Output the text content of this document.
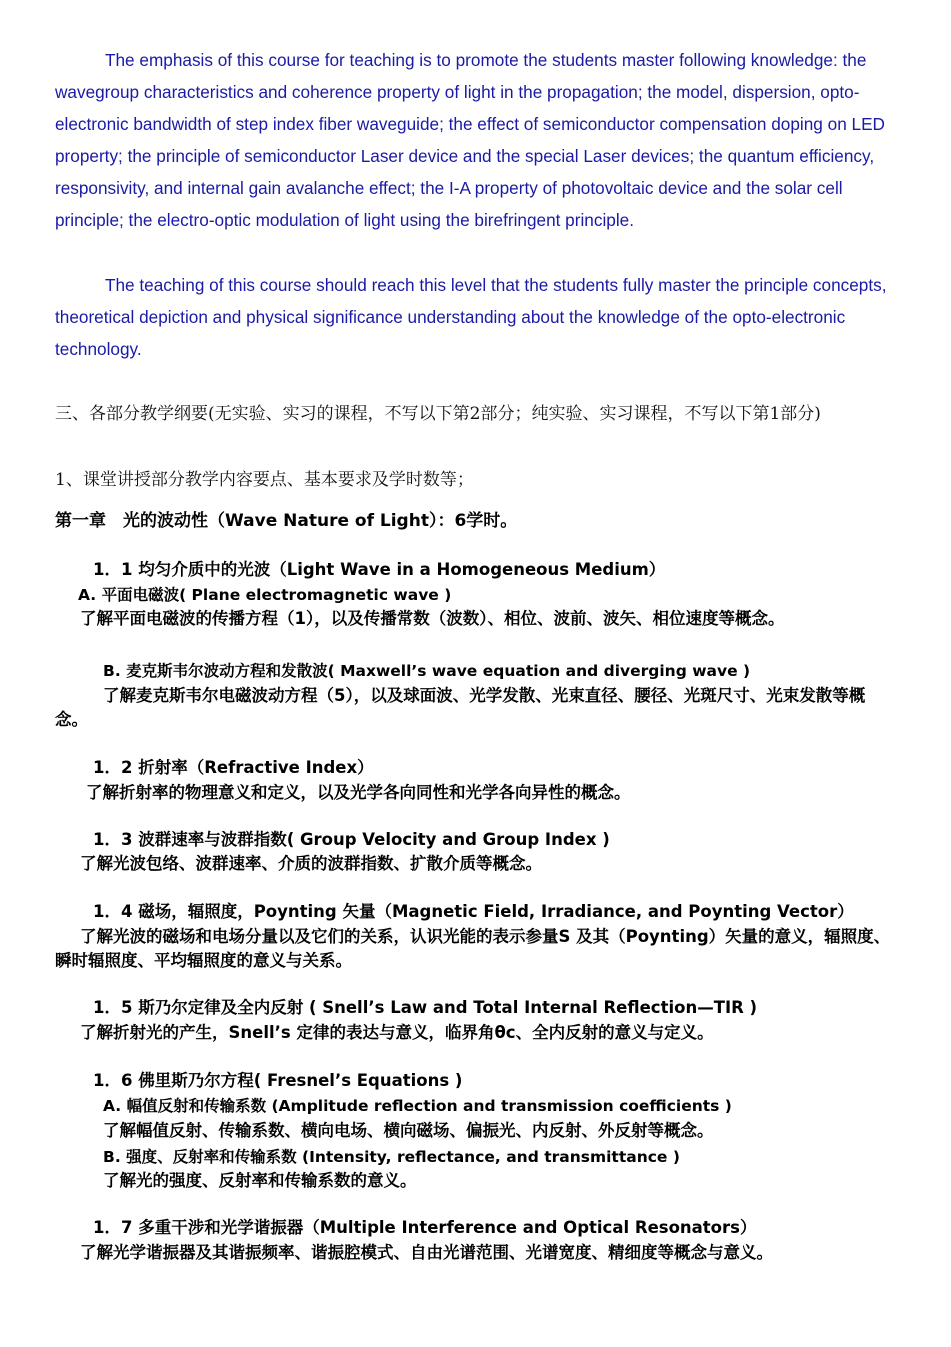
The emphasis of this course for teaching is to promote the students master following knowledge: the wavegroup characteristics and coherence property of light in the propagation; the model, dispersion, opto-electronic bandwidth of step index fiber waveguide; the effect of semiconductor compensation doping on LED property; the principle of semiconductor Laser device and the special Laser devices; the quantum efficiency, responsivity, and internal gain avalanche effect; the I-A property of photovoltaic device and the solar cell principle; the electro-optic modulation of light using the birefringent principle.

The teaching of this course should reach this level that the students fully master the principle concepts, theoretical depiction and physical significance understanding about the knowledge of the opto-electronic technology.

三、各部分教学纲要(无实验、实习的课程，不写以下第2部分；纯实验、实习课程，不写以下第1部分)

1、课堂讲授部分教学内容要点、基本要求及学时数等；

第一章　光的波动性（Wave Nature of Light）：6学时。

1．1 均匀介质中的光波（Light Wave in a Homogeneous Medium）

A. 平面电磁波( Plane electromagnetic wave )

了解平面电磁波的传播方程（1），以及传播常数（波数）、相位、波前、波矢、相位速度等概念。

B. 麦克斯韦尔波动方程和发散波( Maxwell’s wave equation and diverging wave )

了解麦克斯韦尔电磁波动方程（5），以及球面波、光学发散、光束直径、腰径、光斑尺寸、光束发散等概念。

1．2 折射率（Refractive Index）

了解折射率的物理意义和定义，以及光学各向同性和光学各向异性的概念。

1．3 波群速率与波群指数( Group Velocity and Group Index )

了解光波包络、波群速率、介质的波群指数、扩散介质等概念。

1．4 磁场，辐照度，Poynting 矢量（Magnetic Field, Irradiance, and Poynting Vector）

了解光波的磁场和电场分量以及它们的关系，认识光能的表示参量S 及其（Poynting）矢量的意义，辐照度、瞬时辐照度、平均辐照度的意义与关系。

1．5 斯乃尔定律及全内反射 ( Snell’s Law and Total Internal Reflection—TIR )

了解折射光的产生，Snell’s 定律的表达与意义，临界角θc、全内反射的意义与定义。

1．6 佛里斯乃尔方程( Fresnel’s Equations )

A. 幅值反射和传输系数 (Amplitude reflection and transmission coefficients )

了解幅值反射、传输系数、横向电场、横向磁场、偏振光、内反射、外反射等概念。

B. 强度、反射率和传输系数 (Intensity, reflectance, and transmittance )

了解光的强度、反射率和传输系数的意义。

1．7 多重干涉和光学谐振器（Multiple Interference and Optical Resonators）

了解光学谐振器及其谐振频率、谐振腔模式、自由光谱范围、光谱宽度、精细度等概念与意义。
